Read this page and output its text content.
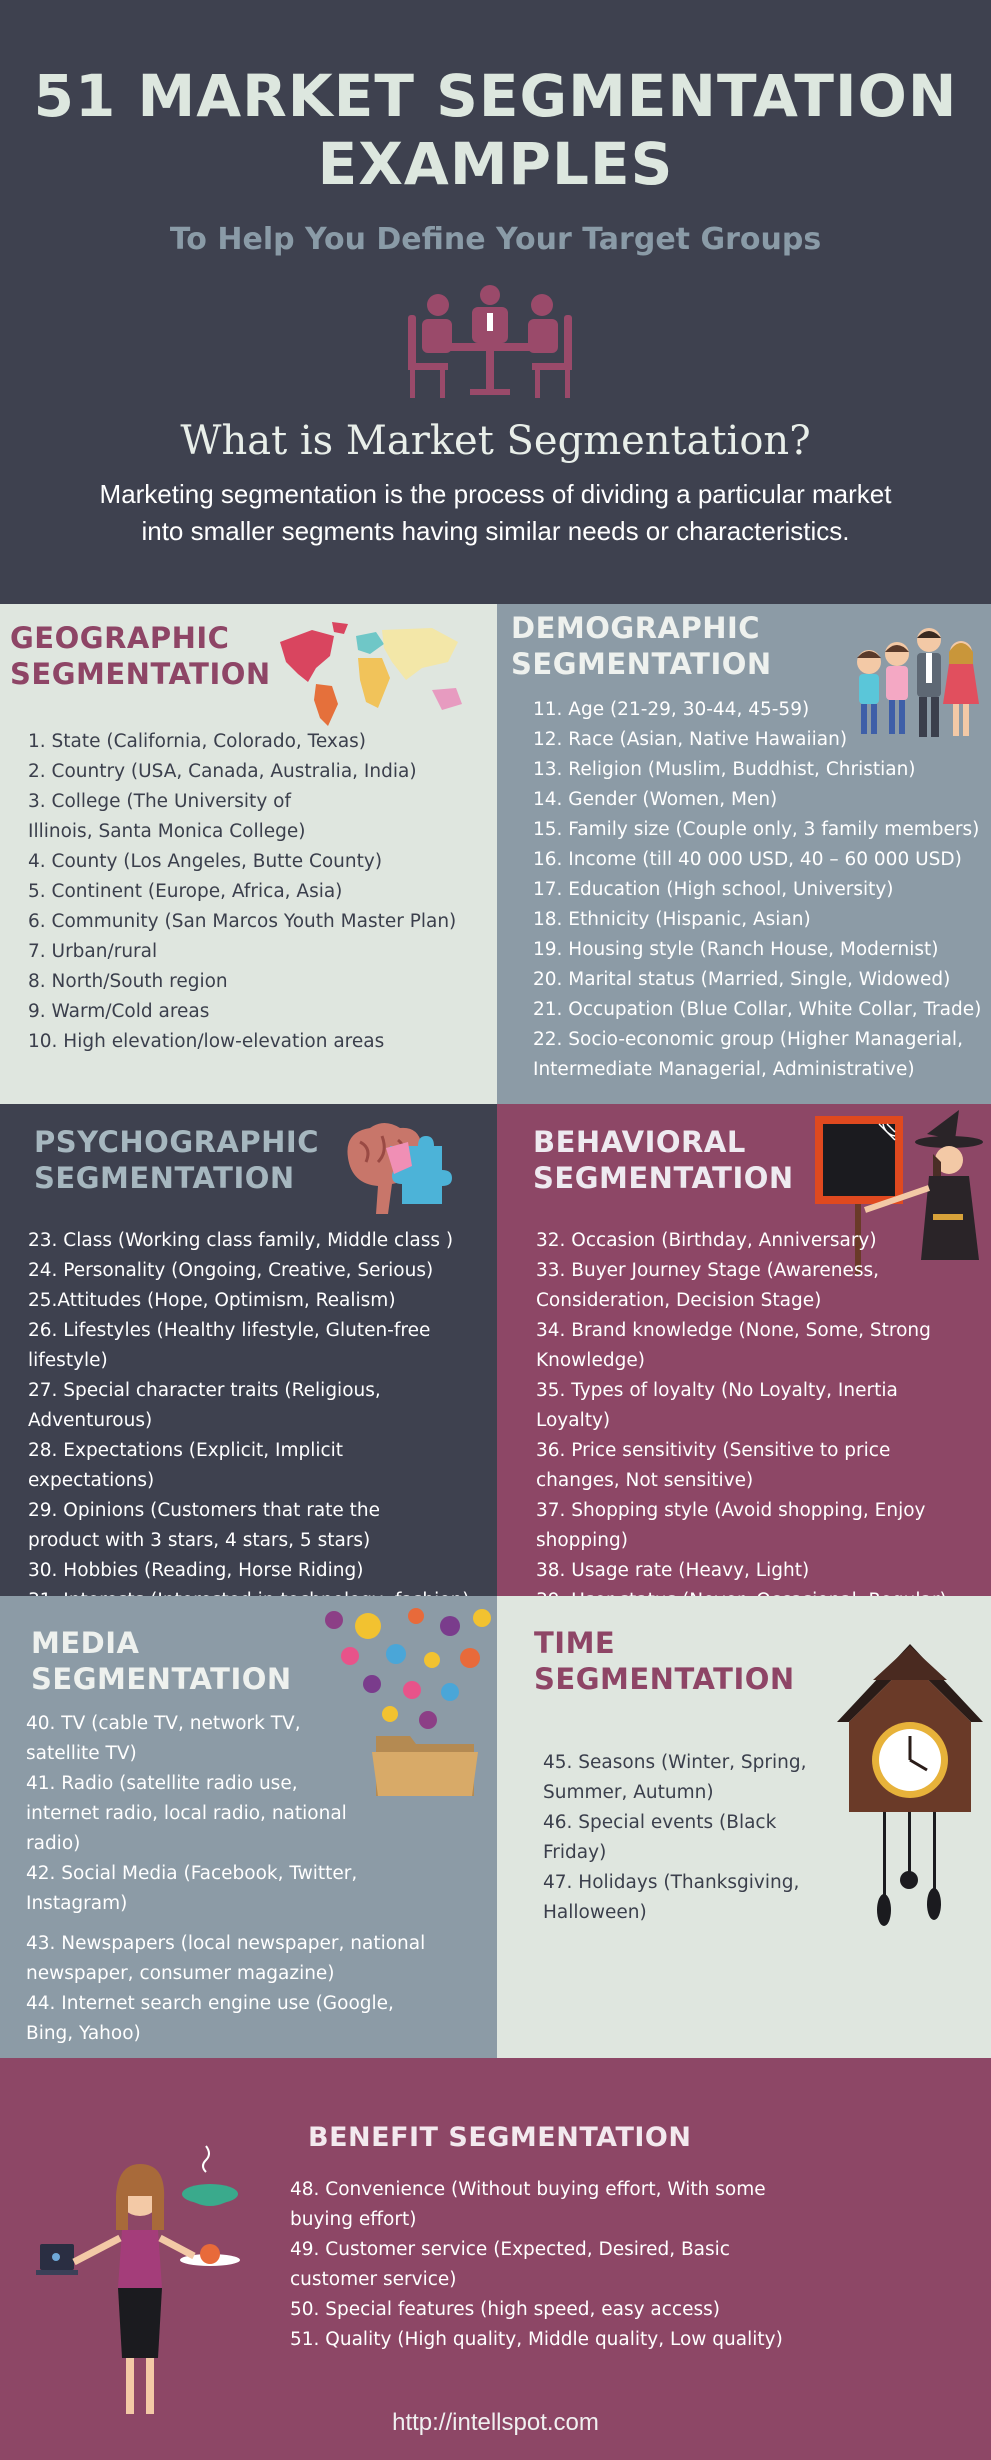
51 MARKET SEGMENTATION EXAMPLES
To Help You Define Your Target Groups
What is Market Segmentation?
Marketing segmentation is the process of dividing a particular market into smaller segments having similar needs or characteristics.
GEOGRAPHIC SEGMENTATION
1. State (California, Colorado, Texas)
2. Country (USA, Canada, Australia, India)
3. College (The University of Illinois, Santa Monica College)
4. County (Los Angeles, Butte County)
5. Continent (Europe, Africa, Asia)
6. Community (San Marcos Youth Master Plan)
7. Urban/rural
8. North/South region
9. Warm/Cold areas
10. High elevation/low-elevation areas
DEMOGRAPHIC SEGMENTATION
11. Age (21-29, 30-44, 45-59)
12. Race (Asian, Native Hawaiian)
13. Religion (Muslim, Buddhist, Christian)
14. Gender (Women, Men)
15. Family size (Couple only, 3 family members)
16. Income (till 40 000 USD, 40 – 60 000 USD)
17. Education (High school, University)
18. Ethnicity (Hispanic, Asian)
19. Housing style (Ranch House, Modernist)
20. Marital status (Married, Single, Widowed)
21. Occupation (Blue Collar, White Collar, Trade)
22. Socio-economic group (Higher Managerial, Intermediate Managerial, Administrative)
PSYCHOGRAPHIC SEGMENTATION
23. Class (Working class family, Middle class )
24. Personality (Ongoing, Creative, Serious)
25.Attitudes (Hope, Optimism, Realism)
26. Lifestyles (Healthy lifestyle, Gluten-free lifestyle)
27. Special character traits (Religious, Adventurous)
28. Expectations (Explicit, Implicit expectations)
29. Opinions (Customers that rate the product with 3 stars, 4 stars, 5 stars)
30. Hobbies (Reading, Horse Riding)
BEHAVIORAL SEGMENTATION
32. Occasion (Birthday, Anniversary)
33. Buyer Journey Stage (Awareness, Consideration, Decision Stage)
34. Brand knowledge (None, Some, Strong Knowledge)
35. Types of loyalty (No Loyalty, Inertia Loyalty)
36. Price sensitivity (Sensitive to price changes, Not sensitive)
37. Shopping style (Avoid shopping, Enjoy shopping)
38. Usage rate (Heavy, Light)
MEDIA SEGMENTATION
40. TV (cable TV, network TV, satellite TV)
41. Radio (satellite radio use, internet radio, local radio, national radio)
42. Social Media (Facebook, Twitter, Instagram)
43. Newspapers (local newspaper, national newspaper, consumer magazine)
44. Internet search engine use (Google, Bing, Yahoo)
TIME SEGMENTATION
45. Seasons (Winter, Spring, Summer, Autumn)
46. Special events (Black Friday)
47. Holidays (Thanksgiving, Halloween)
BENEFIT SEGMENTATION
48. Convenience (Without buying effort, With some buying effort)
49. Customer service (Expected, Desired, Basic customer service)
50. Special features (high speed, easy access)
51. Quality (High quality, Middle quality, Low quality)
http://intellspot.com
